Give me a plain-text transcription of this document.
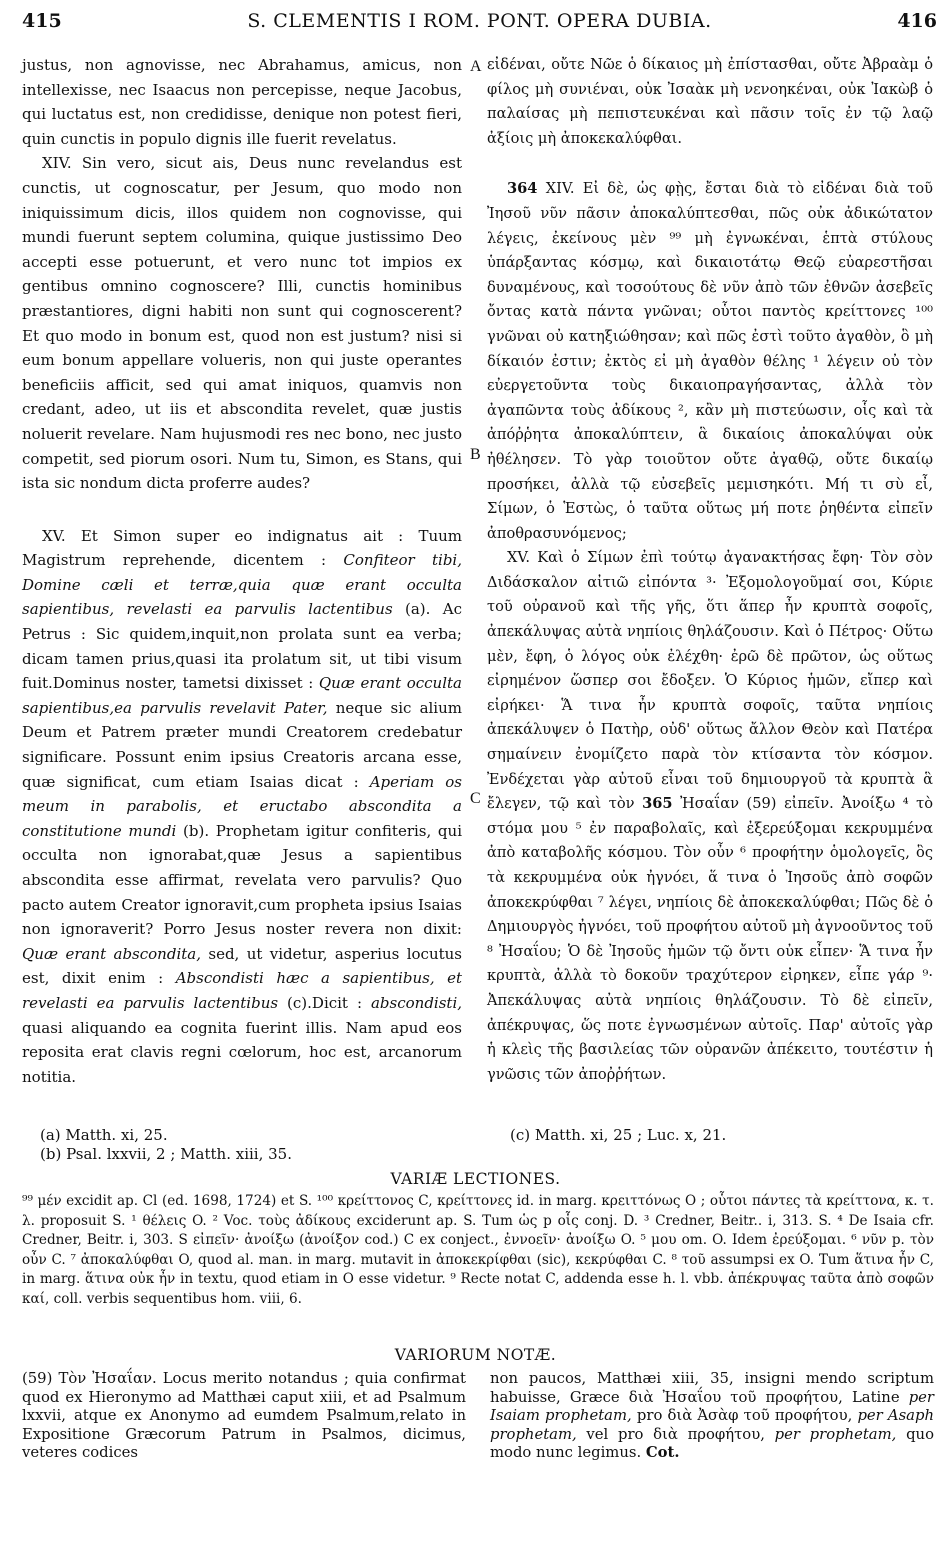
415	S. CLEMENTIS I ROM. PONT. OPERA DUBIA.	416

justus, non agnovisse, nec Abrahamus, amicus, non intellexisse, nec Isaacus non percepisse, neque Jacobus, qui luctatus est, non credidisse, denique non potest fieri, quin cunctis in populo dignis ille fuerit revelatus.

XIV. Sin vero, sicut ais, Deus nunc revelandus est cunctis, ut cognoscatur, per Jesum, quo modo non iniquissimum dicis, illos quidem non cognovisse, qui mundi fuerunt septem columina, quique justissimo Deo accepti esse potuerunt, et vero nunc tot impios ex gentibus omnino cognoscere? Illi, cunctis hominibus præstantiores, digni habiti non sunt qui cognoscerent? Et quo modo in bonum est, quod non est justum? nisi si eum bonum appellare volueris, non qui juste operantes beneficiis afficit, sed qui amat iniquos, quamvis non credant, adeo, ut iis et abscondita revelet, quæ justis noluerit revelare. Nam hujusmodi res nec bono, nec justo competit, sed piorum osori. Num tu, Simon, es Stans, qui ista sic nondum dicta proferre audes?

XV. Et Simon super eo indignatus ait : Tuum Magistrum reprehende, dicentem : Confiteor tibi, Domine cæli et terræ,quia quæ erant occulta sapientibus, revelasti ea parvulis lactentibus (a). Ac Petrus : Sic quidem,inquit,non prolata sunt ea verba; dicam tamen prius,quasi ita prolatum sit, ut tibi visum fuit.Dominus noster, tametsi dixisset : Quæ erant occulta sapientibus,ea parvulis revelavit Pater, neque sic alium Deum et Patrem præter mundi Creatorem credebatur significare. Possunt enim ipsius Creatoris arcana esse, quæ significat, cum etiam Isaias dicat : Aperiam os meum in parabolis, et eructabo abscondita a constitutione mundi (b). Prophetam igitur confiteris, qui occulta non ignorabat,quæ Jesus a sapientibus abscondita esse affirmat, revelata vero parvulis? Quo pacto autem Creator ignoravit,cum propheta ipsius Isaias non ignoraverit? Porro Jesus noster revera non dixit: Quæ erant abscondita, sed, ut videtur, asperius locutus est, dixit enim : Abscondisti hæc a sapientibus, et revelasti ea parvulis lactentibus (c).Dicit : abscondisti, quasi aliquando ea cognita fuerint illis. Nam apud eos reposita erat clavis regni cœlorum, hoc est, arcanorum notitia.

A
B
C

εἰδέναι, οὔτε Νῶε ὁ δίκαιος μὴ ἐπίστασθαι, οὔτε Ἀβραὰμ ὁ φίλος μὴ συνιέναι, οὐκ Ἰσαὰκ μὴ νενοηκέναι, οὐκ Ἰακὼβ ὁ παλαίσας μὴ πεπιστευκέναι καὶ πᾶσιν τοῖς ἐν τῷ λαῷ ἀξίοις μὴ ἀποκεκαλύφθαι.

364 XIV. Εἰ δὲ, ὡς φῂς, ἔσται διὰ τὸ εἰδέναι διὰ τοῦ Ἰησοῦ νῦν πᾶσιν ἀποκαλύπτεσθαι, πῶς οὐκ ἀδικώτατον λέγεις, ἐκείνους μὲν ⁹⁹ μὴ ἐγνωκέναι, ἑπτὰ στύλους ὑπάρξαντας κόσμῳ, καὶ δικαιοτάτῳ Θεῷ εὐαρεστῆσαι δυναμένους, καὶ τοσούτους δὲ νῦν ἀπὸ τῶν ἐθνῶν ἀσεβεῖς ὄντας κατὰ πάντα γνῶναι; οὗτοι παντὸς κρείττονες ¹⁰⁰ γνῶναι οὐ κατηξιώθησαν; καὶ πῶς ἐστὶ τοῦτο ἀγαθὸν, ὃ μὴ δίκαιόν ἐστιν; ἐκτὸς εἰ μὴ ἀγαθὸν θέλης ¹ λέγειν οὐ τὸν εὐεργετοῦντα τοὺς δικαιοπραγήσαντας, ἀλλὰ τὸν ἀγαπῶντα τοὺς ἀδίκους ², κἂν μὴ πιστεύωσιν, οἷς καὶ τὰ ἀπόῤῥητα ἀποκαλύπτειν, ἃ δικαίοις ἀποκαλύψαι οὐκ ἠθέλησεν. Τὸ γὰρ τοιοῦτον οὔτε ἀγαθῷ, οὔτε δικαίῳ προσήκει, ἀλλὰ τῷ εὐσεβεῖς μεμισηκότι. Μή τι σὺ εἶ, Σίμων, ὁ Ἑστὼς, ὁ ταῦτα οὕτως μή ποτε ῥηθέντα εἰπεῖν ἀποθρασυνόμενος;

XV. Καὶ ὁ Σίμων ἐπὶ τούτῳ ἀγανακτήσας ἔφη· Τὸν σὸν Διδάσκαλον αἰτιῶ εἰπόντα ³· Ἐξομολογοῦμαί σοι, Κύριε τοῦ οὐρανοῦ καὶ τῆς γῆς, ὅτι ἅπερ ἦν κρυπτὰ σοφοῖς, ἀπεκάλυψας αὐτὰ νηπίοις θηλάζουσιν. Καὶ ὁ Πέτρος· Οὕτω μὲν, ἔφη, ὁ λόγος οὐκ ἐλέχθη· ἐρῶ δὲ πρῶτον, ὡς οὕτως εἰρημένον ὥσπερ σοι ἔδοξεν. Ὁ Κύριος ἡμῶν, εἴπερ καὶ εἰρήκει· Ἅ τινα ἦν κρυπτὰ σοφοῖς, ταῦτα νηπίοις ἀπεκάλυψεν ὁ Πατὴρ, οὐδ' οὕτως ἄλλον Θεὸν καὶ Πατέρα σημαίνειν ἐνομίζετο παρὰ τὸν κτίσαντα τὸν κόσμον. Ἐνδέχεται γὰρ αὐτοῦ εἶναι τοῦ δημιουργοῦ τὰ κρυπτὰ ἃ ἔλεγεν, τῷ καὶ τὸν 365 Ἠσαΐαν (59) εἰπεῖν. Ἀνοίξω ⁴ τὸ στόμα μου ⁵ ἐν παραβολαῖς, καὶ ἐξερεύξομαι κεκρυμμένα ἀπὸ καταβολῆς κόσμου. Τὸν οὖν ⁶ προφήτην ὁμολογεῖς, ὃς τὰ κεκρυμμένα οὐκ ἠγνόει, ἅ τινα ὁ Ἰησοῦς ἀπὸ σοφῶν ἀποκεκρύφθαι ⁷ λέγει, νηπίοις δὲ ἀποκεκαλύφθαι; Πῶς δὲ ὁ Δημιουργὸς ἠγνόει, τοῦ προφήτου αὐτοῦ μὴ ἀγνοοῦντος τοῦ ⁸ Ἠσαΐου; Ὁ δὲ Ἰησοῦς ἡμῶν τῷ ὄντι οὐκ εἶπεν· Ἅ τινα ἦν κρυπτὰ, ἀλλὰ τὸ δοκοῦν τραχύτερον εἰρηκεν, εἶπε γάρ ⁹· Ἀπεκάλυψας αὐτὰ νηπίοις θηλάζουσιν. Τὸ δὲ εἰπεῖν, ἀπέκρυψας, ὥς ποτε ἐγνωσμένων αὐτοῖς. Παρ' αὐτοῖς γὰρ ἡ κλεὶς τῆς βασιλείας τῶν οὐρανῶν ἀπέκειτο, τουτέστιν ἡ γνῶσις τῶν ἀποῤῥήτων.

(a) Matth. xi, 25.
(b) Psal. lxxvii, 2 ; Matth. xiii, 35.
(c) Matth. xi, 25 ; Luc. x, 21.
VARIÆ LECTIONES.

⁹⁹ μέν excidit ap. Cl (ed. 1698, 1724) et S. ¹⁰⁰ κρείττονος C, κρείττονες id. in marg. κρειττόνως O ; οὗτοι πάντες τὰ κρείττονα, κ. τ. λ. proposuit S. ¹ θέλεις O. ² Voc. τοὺς ἀδίκους exciderunt ap. S. Tum ὡς p οἷς conj. D. ³ Credner, Beitr.. i, 313. S. ⁴ De Isaia cfr. Credner, Beitr. i, 303. S εἰπεῖν· ἀνοίξω (ἀνοίξον cod.) C ex conject., ἐννοεῖν· ἀνοίξω O. ⁵ μου om. O. Idem ἐρεύξομαι. ⁶ νῦν p. τὸν οὖν C. ⁷ ἀποκαλύφθαι O, quod al. man. in marg. mutavit in ἀποκεκρίφθαι (sic), κεκρύφθαι C. ⁸ τοῦ assumpsi ex O. Tum ἅτινα ἦν C, in marg. ἅτινα οὐκ ἦν in textu, quod etiam in O esse videtur. ⁹ Recte notat C, addenda esse h. l. vbb. ἀπέκρυψας ταῦτα ἀπὸ σοφῶν καί, coll. verbis sequentibus hom. viii, 6.

VARIORUM NOTÆ.

(59) Τὸν Ἠσαΐαν. Locus merito notandus ; quia confirmat quod ex Hieronymo ad Matthæi caput xiii, et ad Psalmum lxxvii, atque ex Anonymo ad eumdem Psalmum,relato in Expositione Græcorum Patrum in Psalmos, dicimus, veteres codices

non paucos, Matthæi xiii, 35, insigni mendo scriptum habuisse, Græce διὰ Ἠσαΐου τοῦ προφήτου, Latine per Isaiam prophetam, pro διὰ Ἀσὰφ τοῦ προφήτου, per Asaph prophetam, vel pro διὰ προφήτου, per prophetam, quo modo nunc legimus. Cot.
